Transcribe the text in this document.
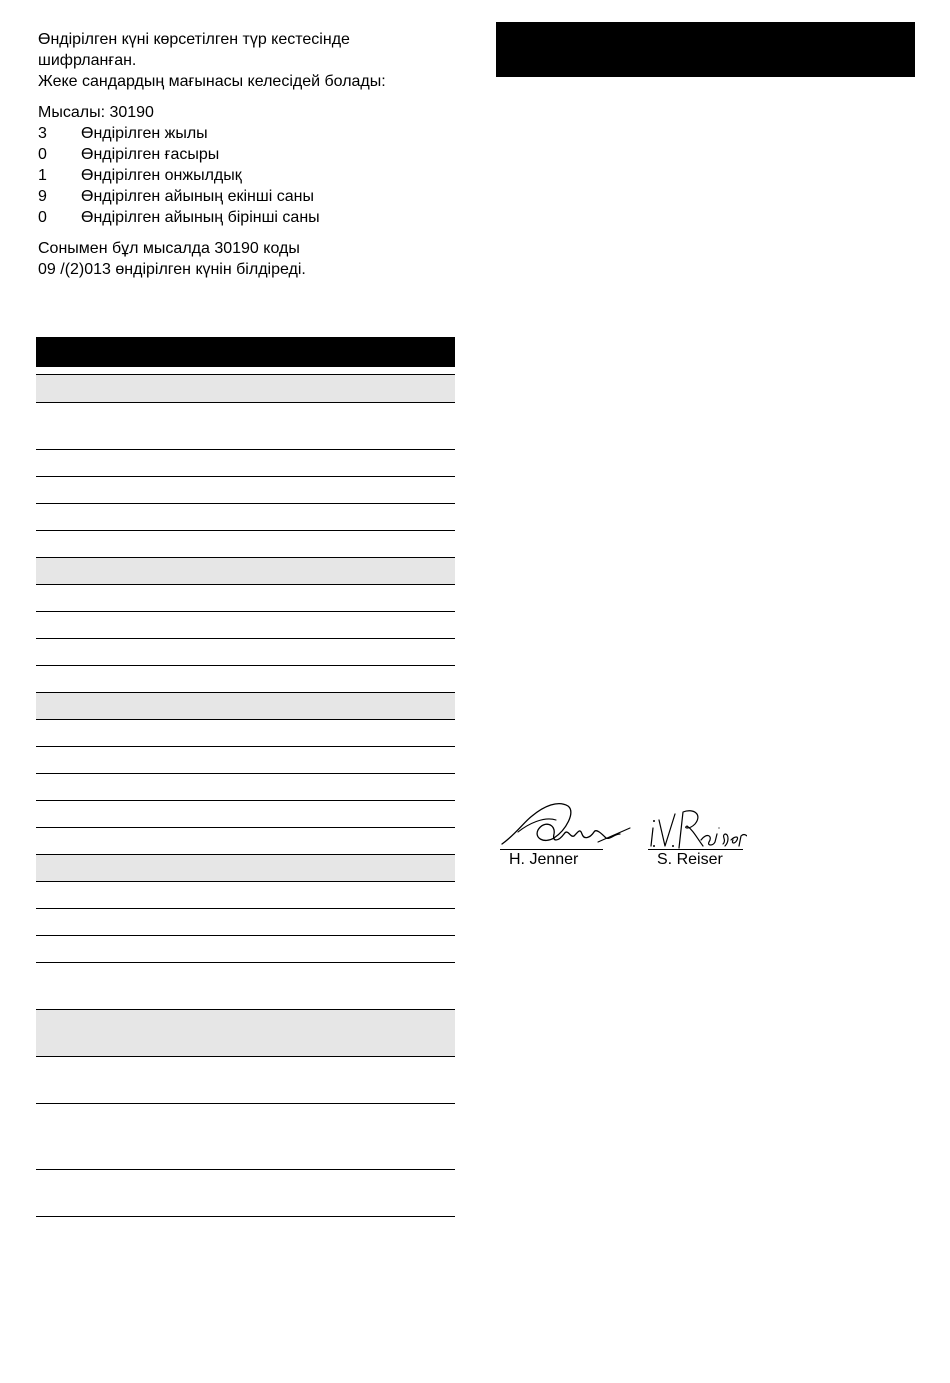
Өндірілген күні көрсетілген түр кестесінде

шифрланған.

Жеке сандардың мағынасы келесідей болады:

Мысалы: 30190

3	Өндірілген жылы
0	Өндірілген ғасыры
1	Өндірілген онжылдық
9	Өндірілген айының екінші саны
0	Өндірілген айының бірінші саны

Сонымен бұл мысалда 30190 коды

09 /(2)013 өндірілген күнін білдіреді.

H. Jenner	S. Reiser
